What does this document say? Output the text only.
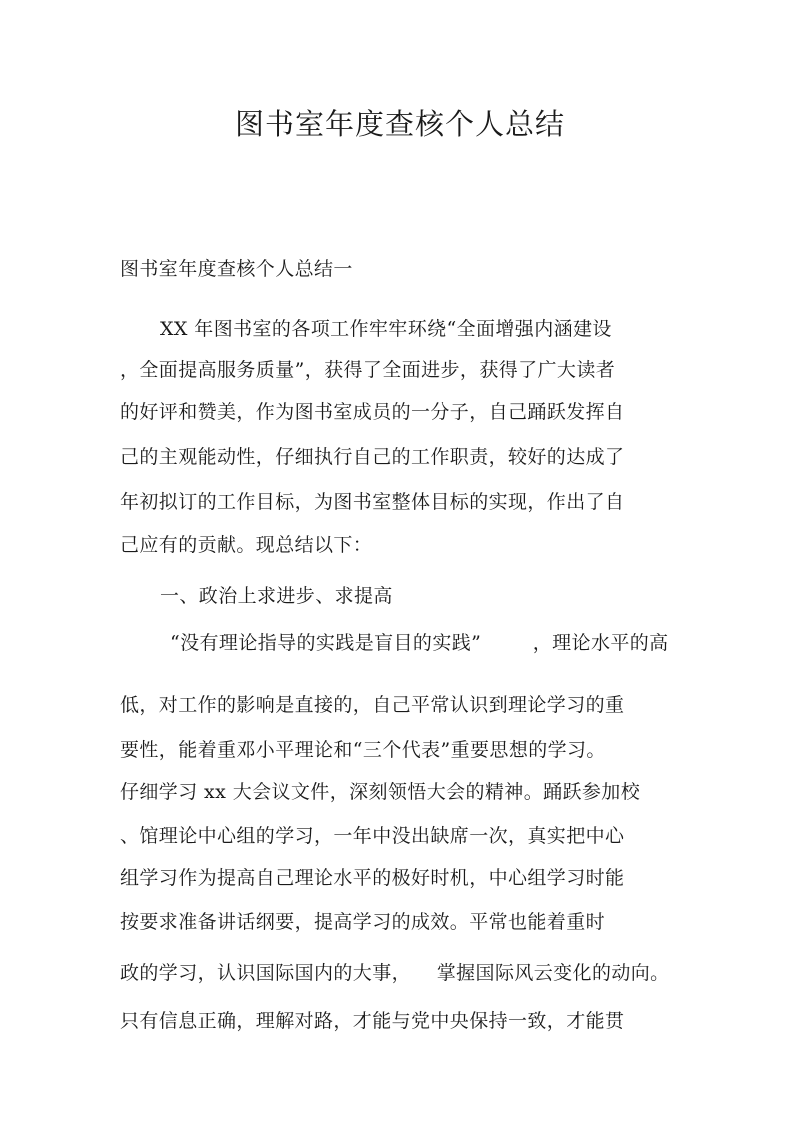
图书室年度查核个人总结
图书室年度查核个人总结一
XX 年图书室的各项工作牢牢环绕“全面增强内涵建设
，全面提高服务质量”，获得了全面进步，获得了广大读者
的好评和赞美，作为图书室成员的一分子，自己踊跃发挥自
己的主观能动性，仔细执行自己的工作职责，较好的达成了
年初拟订的工作目标，为图书室整体目标的实现，作出了自
己应有的贡献。现总结以下：
一、政治上求进步、求提高
“没有理论指导的实践是盲目的实践”        ，理论水平的高
低，对工作的影响是直接的，自己平常认识到理论学习的重
要性，能着重邓小平理论和“三个代表”重要思想的学习。
仔细学习 xx 大会议文件，深刻领悟大会的精神。踊跃参加校
、馆理论中心组的学习，一年中没出缺席一次，真实把中心
组学习作为提高自己理论水平的极好时机，中心组学习时能
按要求准备讲话纲要，提高学习的成效。平常也能着重时
政的学习，认识国际国内的大事，    掌握国际风云变化的动向。
只有信息正确，理解对路，才能与党中央保持一致，才能贯
